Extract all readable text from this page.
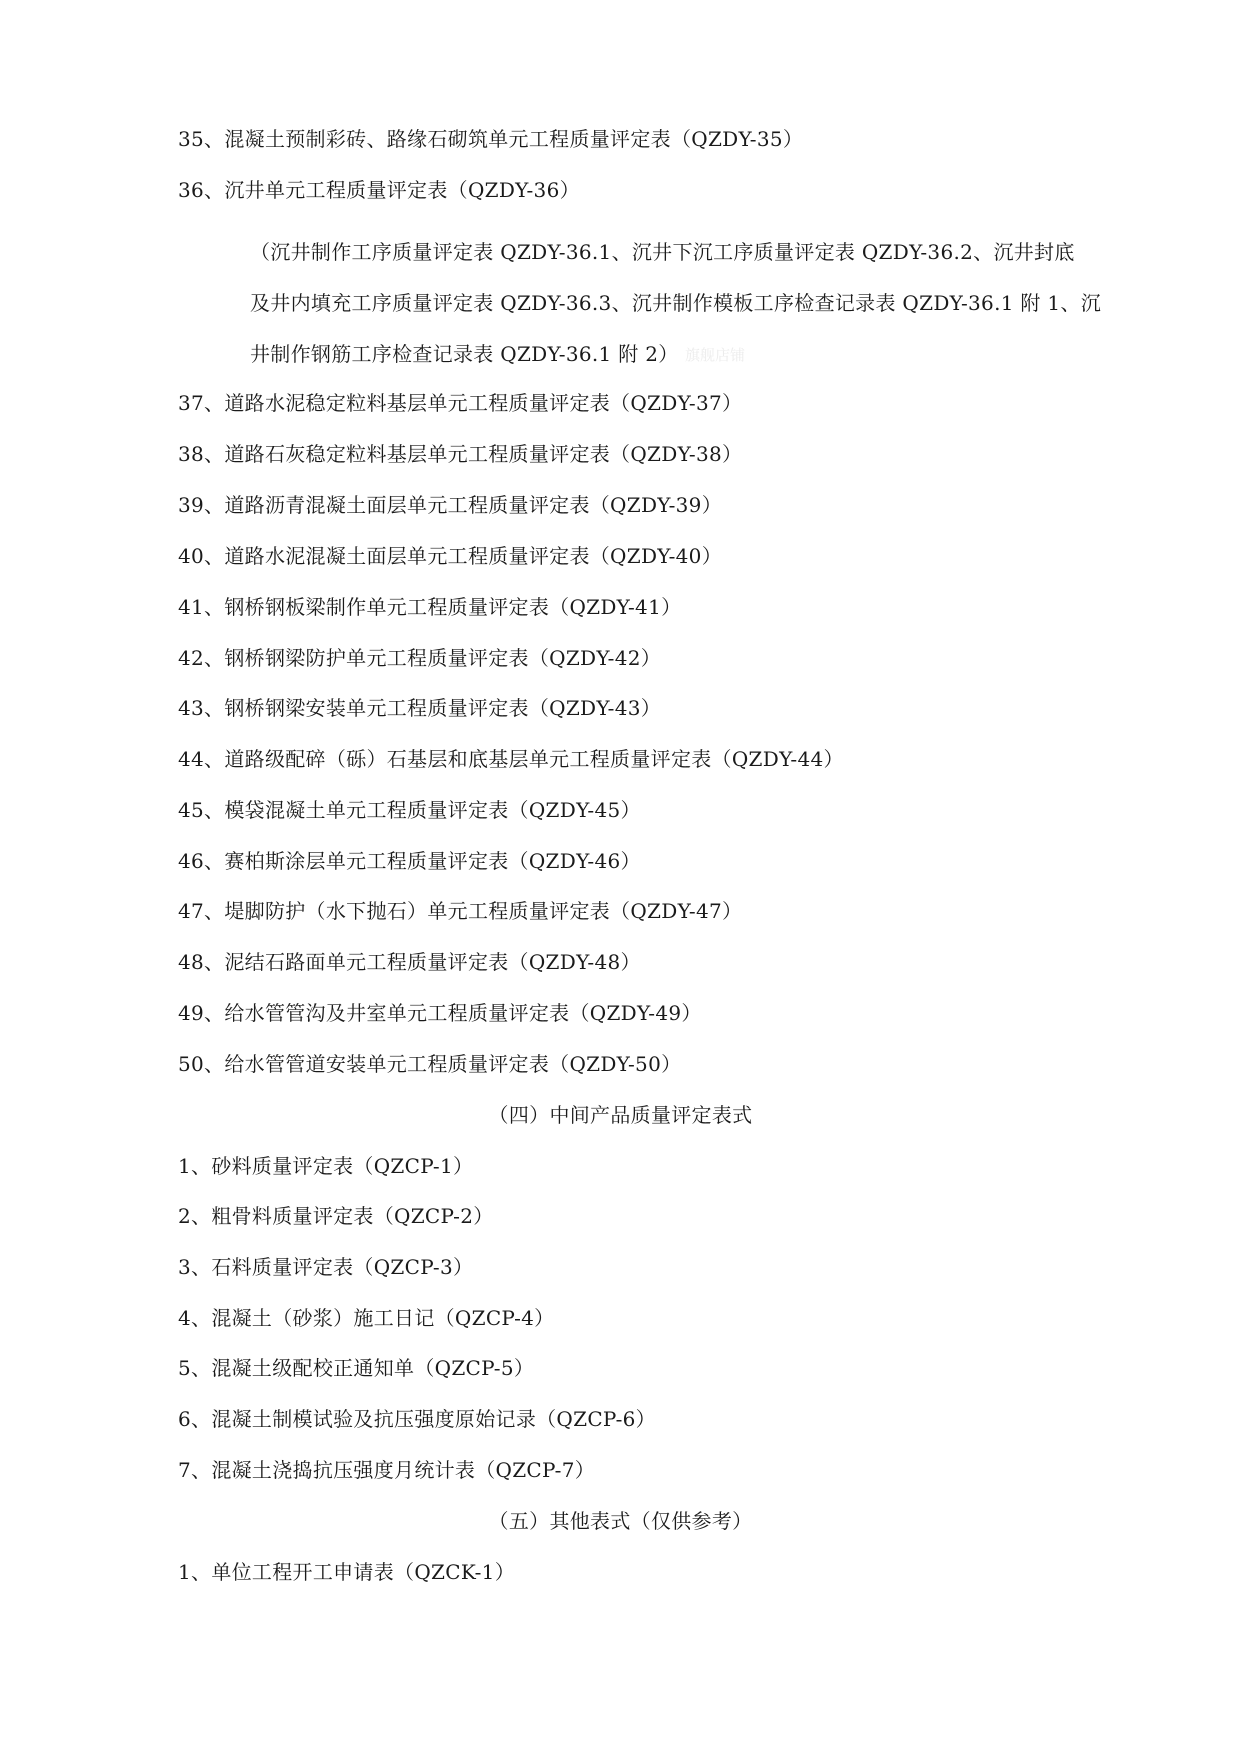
35、混凝土预制彩砖、路缘石砌筑单元工程质量评定表（QZDY-35）
36、沉井单元工程质量评定表（QZDY-36）
（沉井制作工序质量评定表 QZDY-36.1、沉井下沉工序质量评定表 QZDY-36.2、沉井封底
及井内填充工序质量评定表 QZDY-36.3、沉井制作模板工序检查记录表 QZDY-36.1 附 1、沉
井制作钢筋工序检查记录表 QZDY-36.1 附 2） 旗舰店铺
37、道路水泥稳定粒料基层单元工程质量评定表（QZDY-37）
38、道路石灰稳定粒料基层单元工程质量评定表（QZDY-38）
39、道路沥青混凝土面层单元工程质量评定表（QZDY-39）
40、道路水泥混凝土面层单元工程质量评定表（QZDY-40）
41、钢桥钢板梁制作单元工程质量评定表（QZDY-41）
42、钢桥钢梁防护单元工程质量评定表（QZDY-42）
43、钢桥钢梁安装单元工程质量评定表（QZDY-43）
44、道路级配碎（砾）石基层和底基层单元工程质量评定表（QZDY-44）
45、模袋混凝土单元工程质量评定表（QZDY-45）
46、赛柏斯涂层单元工程质量评定表（QZDY-46）
47、堤脚防护（水下抛石）单元工程质量评定表（QZDY-47）
48、泥结石路面单元工程质量评定表（QZDY-48）
49、给水管管沟及井室单元工程质量评定表（QZDY-49）
50、给水管管道安装单元工程质量评定表（QZDY-50）
（四）中间产品质量评定表式
1、砂料质量评定表（QZCP-1）
2、粗骨料质量评定表（QZCP-2）
3、石料质量评定表（QZCP-3）
4、混凝土（砂浆）施工日记（QZCP-4）
5、混凝土级配校正通知单（QZCP-5）
6、混凝土制模试验及抗压强度原始记录（QZCP-6）
7、混凝土浇捣抗压强度月统计表（QZCP-7）
（五）其他表式（仅供参考）
1、单位工程开工申请表（QZCK-1）
